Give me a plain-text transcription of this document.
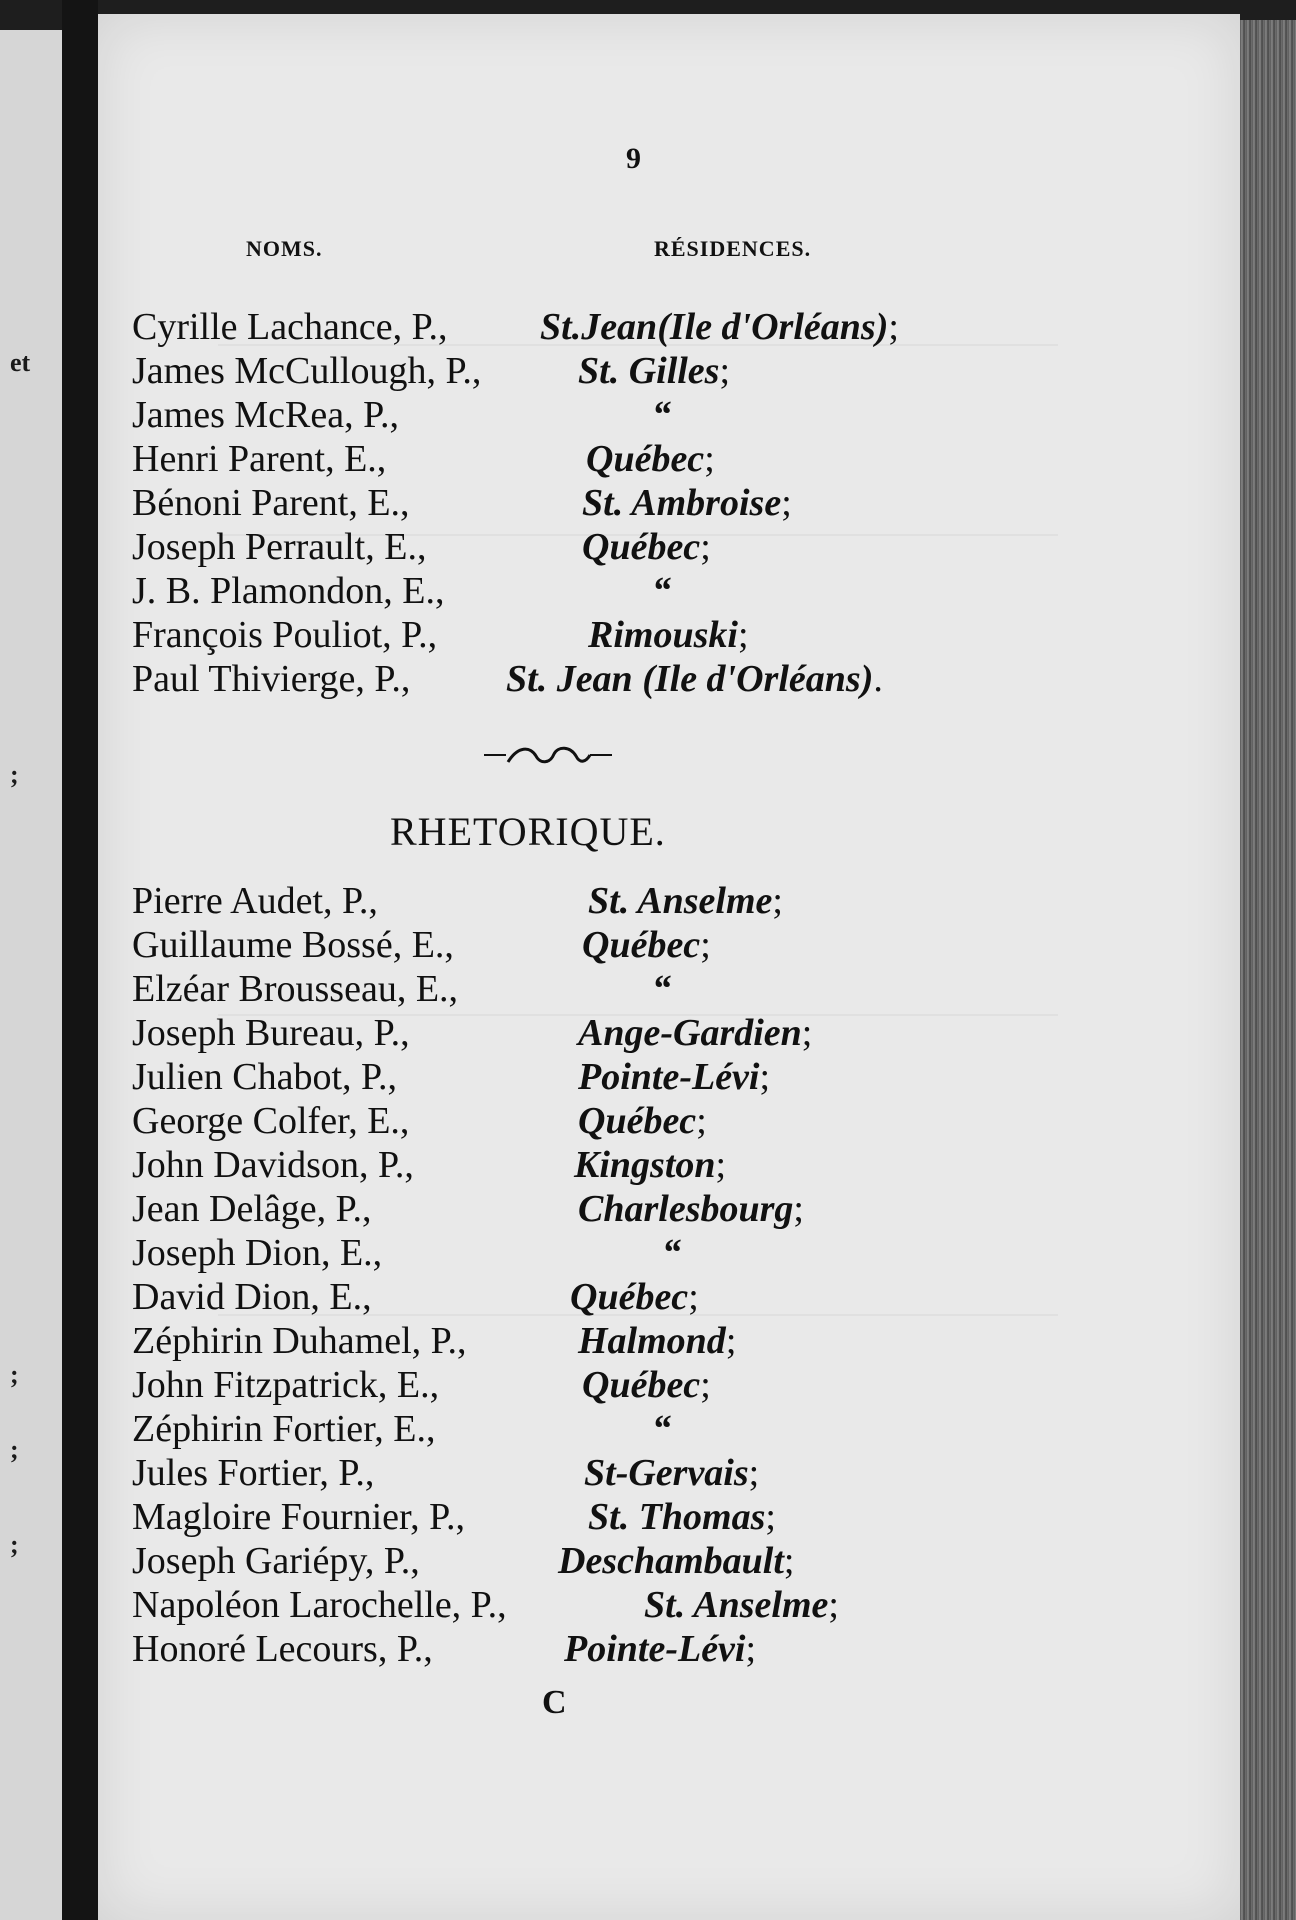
et
;
;
;
;
9
NOMS.	RÉSIDENCES.
Cyrille Lachance, P., St.Jean(Ile d'Orléans);
James McCullough, P.,	St. Gilles;
James McRea, P.,	“
Henri Parent, E.,	Québec;
Bénoni Parent, E.,	St. Ambroise;
Joseph Perrault, E.,	Québec;
J. B. Plamondon, E.,	“
François Pouliot, P.,	Rimouski;
Paul Thivierge, P.,	St. Jean (Ile d'Orléans).
RHETORIQUE.
Pierre Audet, P.,	St. Anselme;
Guillaume Bossé, E.,	Québec;
Elzéar Brousseau, E.,	“
Joseph Bureau, P.,	Ange-Gardien;
Julien Chabot, P.,	Pointe-Lévi;
George Colfer, E.,	Québec;
John Davidson, P.,	Kingston;
Jean Delâge, P.,	Charlesbourg;
Joseph Dion, E.,	“
David Dion, E.,	Québec;
Zéphirin Duhamel, P.,	Halmond;
John Fitzpatrick, E.,	Québec;
Zéphirin Fortier, E.,	“
Jules Fortier, P.,	St-Gervais;
Magloire Fournier, P.,	St. Thomas;
Joseph Gariépy, P.,	Deschambault;
Napoléon Larochelle, P.,	St. Anselme;
Honoré Lecours, P.,	Pointe-Lévi;
C
